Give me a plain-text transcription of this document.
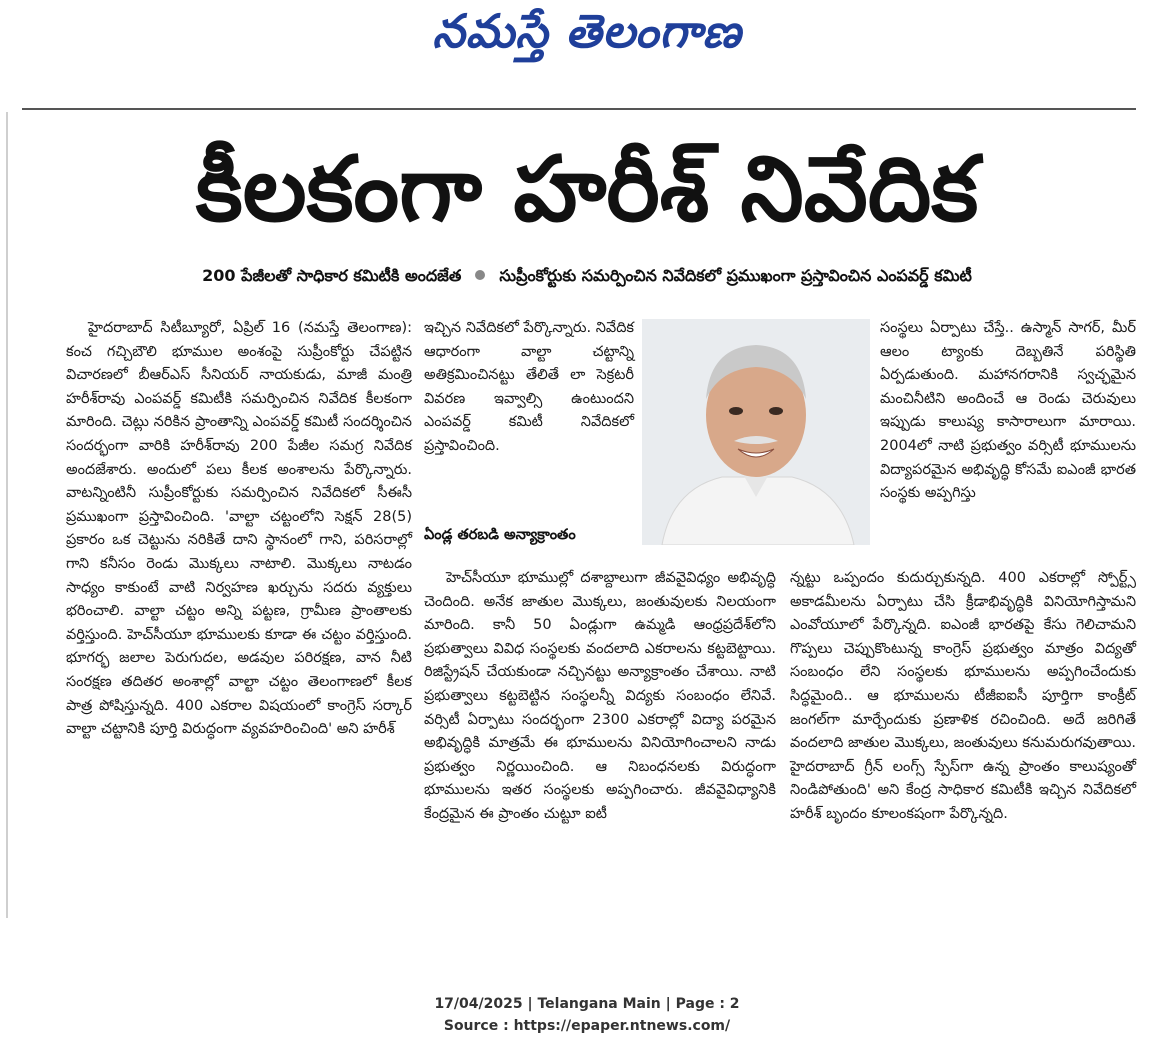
నమస్తే తెలంగాణ
కీలకంగా హరీశ్ నివేదిక
200 పేజీలతో సాధికార కమిటీకి అందజేత సుప్రీంకోర్టుకు సమర్పించిన నివేదికలో ప్రముఖంగా ప్రస్తావించిన ఎంపవర్డ్ కమిటీ

హైదరాబాద్ సిటీబ్యూరో, ఏప్రిల్ 16 (నమస్తే తెలంగాణ): కంచ గచ్చిబౌలి భూముల అంశంపై సుప్రీంకోర్టు చేపట్టిన విచారణలో బీఆర్ఎస్ సీనియర్ నాయకుడు, మాజీ మంత్రి హరీశ్‌రావు ఎంపవర్డ్ కమిటీకి సమర్పించిన నివేదిక కీలకంగా మారింది. చెట్లు నరికిన ప్రాంతాన్ని ఎంపవర్డ్ కమిటీ సందర్శించిన సందర్భంగా వారికి హరీశ్‌రావు 200 పేజీల సమగ్ర నివేదిక అందజేశారు. అందులో పలు కీలక అంశాలను పేర్కొన్నారు. వాటన్నింటినీ సుప్రీంకోర్టుకు సమర్పించిన నివేదికలో సీఈసీ ప్రముఖంగా ప్రస్తావించింది. 'వాల్టా చట్టంలోని సెక్షన్ 28(5) ప్రకారం ఒక చెట్టును నరికితే దాని స్థానంలో గాని, పరిసరాల్లో గాని కనీసం రెండు మొక్కలు నాటాలి. మొక్కలు నాటడం సాధ్యం కాకుంటే వాటి నిర్వహణ ఖర్చును సదరు వ్యక్తులు భరించాలి. వాల్టా చట్టం అన్ని పట్టణ, గ్రామీణ ప్రాంతాలకు వర్తిస్తుంది. హెచ్‌సీయూ భూములకు కూడా ఈ చట్టం వర్తిస్తుంది. భూగర్భ జలాల పెరుగుదల, అడవుల పరిరక్షణ, వాన నీటి సంరక్షణ తదితర అంశాల్లో వాల్టా చట్టం తెలంగాణలో కీలక పాత్ర పోషిస్తున్నది. 400 ఎకరాల విషయంలో కాంగ్రెస్ సర్కార్ వాల్టా చట్టానికి పూర్తి విరుద్ధంగా వ్యవహరించింది' అని హరీశ్

ఇచ్చిన నివేదికలో పేర్కొన్నారు. నివేదిక ఆధారంగా వాల్టా చట్టాన్ని అతిక్రమించినట్టు తేలితే లా సెక్రటరీ వివరణ ఇవ్వాల్సి ఉంటుందని ఎంపవర్డ్ కమిటీ నివేదికలో ప్రస్తావించింది.

ఏండ్ల తరబడి అన్యాక్రాంతం

హెచ్‌సీయూ భూముల్లో దశాబ్దాలుగా జీవవైవిధ్యం అభివృద్ధి చెందింది. అనేక జాతుల మొక్కలు, జంతువులకు నిలయంగా మారింది. కానీ 50 ఏండ్లుగా ఉమ్మడి ఆంధ్రప్రదేశ్‌లోని ప్రభుత్వాలు వివిధ సంస్థలకు వందలాది ఎకరాలను కట్టబెట్టాయి. రిజిస్ట్రేషన్ చేయకుండా నచ్చినట్టు అన్యాక్రాంతం చేశాయి. నాటి ప్రభుత్వాలు కట్టబెట్టిన సంస్థలన్నీ విద్యకు సంబంధం లేనివే. వర్సిటీ ఏర్పాటు సందర్భంగా 2300 ఎకరాల్లో విద్యా పరమైన అభివృద్ధికి మాత్రమే ఈ భూములను వినియోగించాలని నాడు ప్రభుత్వం నిర్ణయించింది. ఆ నిబంధనలకు విరుద్ధంగా భూములను ఇతర సంస్థలకు అప్పగించారు. జీవవైవిధ్యానికి కేంద్రమైన ఈ ప్రాంతం చుట్టూ ఐటీ

సంస్థలు ఏర్పాటు చేస్తే.. ఉస్మాన్ సాగర్, మీర్ ఆలం ట్యాంకు దెబ్బతినే పరిస్థితి ఏర్పడుతుంది. మహానగరానికి స్వచ్ఛమైన మంచినీటిని అందించే ఆ రెండు చెరువులు ఇప్పుడు కాలుష్య కాసారాలుగా మారాయి. 2004లో నాటి ప్రభుత్వం వర్సిటీ భూములను విద్యాపరమైన అభివృద్ధి కోసమే ఐఎంజీ భారత సంస్థకు అప్పగిస్తు

న్నట్టు ఒప్పందం కుదుర్చుకున్నది. 400 ఎకరాల్లో స్పోర్ట్స్ అకాడమీలను ఏర్పాటు చేసి క్రీడాభివృద్ధికి వినియోగిస్తామని ఎంవోయూలో పేర్కొన్నది. ఐఎంజీ భారతపై కేసు గెలిచామని గొప్పలు చెప్పుకొంటున్న కాంగ్రెస్ ప్రభుత్వం మాత్రం విద్యతో సంబంధం లేని సంస్థలకు భూములను అప్పగించేందుకు సిద్ధమైంది.. ఆ భూములను టీజీఐఐసీ పూర్తిగా కాంక్రీట్ జంగల్‌గా మార్చేందుకు ప్రణాళిక రచించింది. అదే జరిగితే వందలాది జాతుల మొక్కలు, జంతువులు కనుమరుగవుతాయి. హైదరాబాద్ గ్రీన్ లంగ్స్ స్పేస్‌గా ఉన్న ప్రాంతం కాలుష్యంతో నిండిపోతుంది' అని కేంద్ర సాధికార కమిటీకి ఇచ్చిన నివేదికలో హరీశ్ బృందం కూలంకషంగా పేర్కొన్నది.

17/04/2025 | Telangana Main | Page : 2
Source : https://epaper.ntnews.com/
